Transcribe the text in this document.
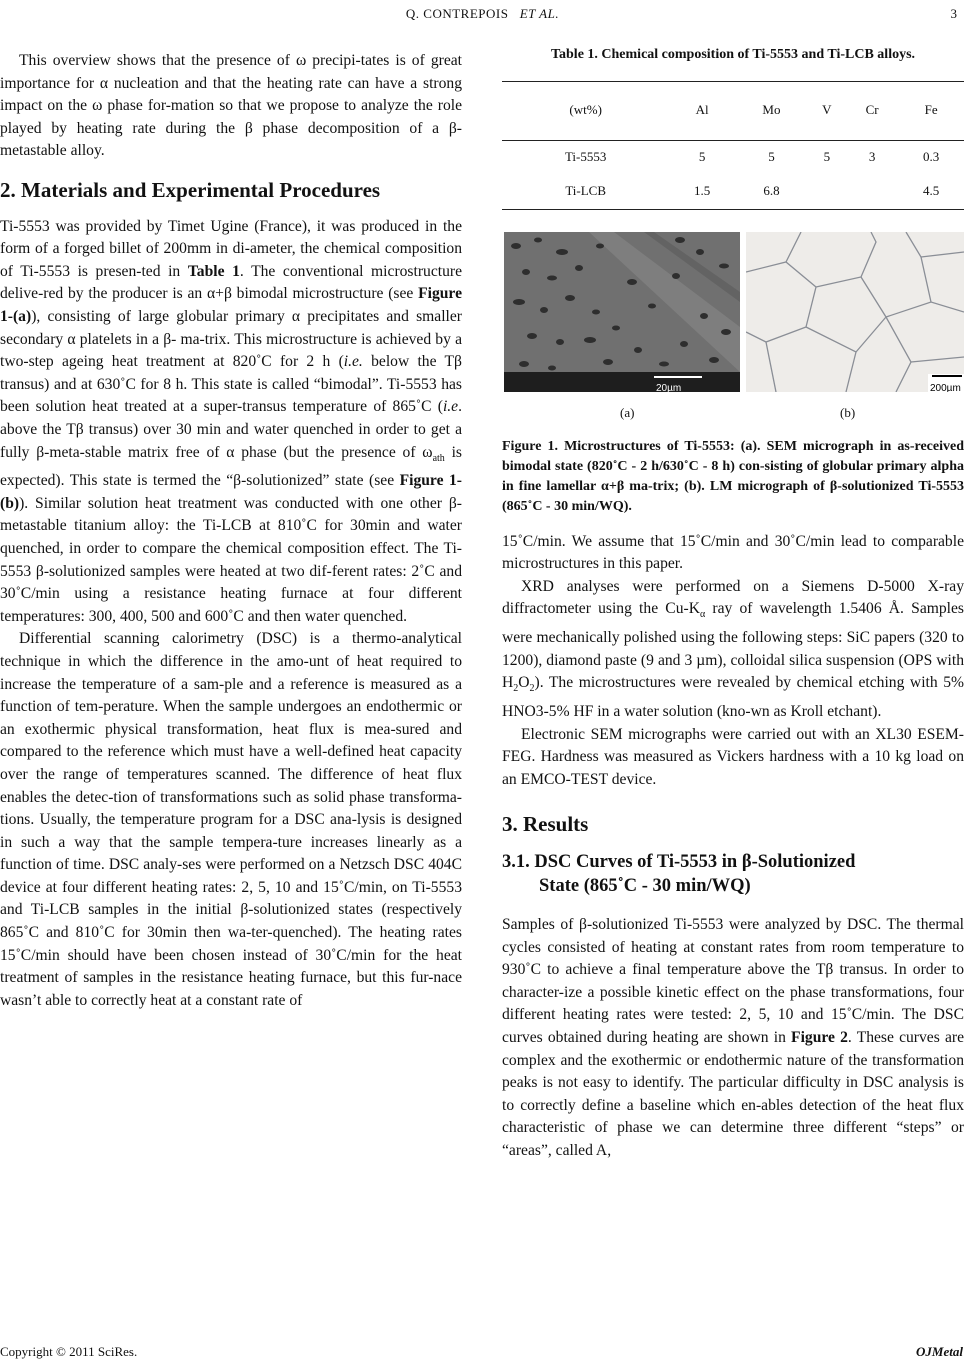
Q. CONTREPOIS ET AL.	3

This overview shows that the presence of ω precipi-tates is of great importance for α nucleation and that the heating rate can have a strong impact on the ω phase for-mation so that we propose to analyze the role played by heating rate during the β phase decomposition of a β-metastable alloy.

2. Materials and Experimental Procedures

Ti-5553 was provided by Timet Ugine (France), it was produced in the form of a forged billet of 200mm in di-ameter, the chemical composition of Ti-5553 is presen-ted in Table 1. The conventional microstructure delive-red by the producer is an α+β bimodal microstructure (see Figure 1-(a)), consisting of large globular primary α precipitates and smaller secondary α platelets in a β- ma-trix. This microstructure is achieved by a two-step ageing heat treatment at 820˚C for 2 h (i.e. below the Tβ transus) and at 630˚C for 8 h. This state is called “bimodal”. Ti-5553 has been solution heat treated at a super-transus temperature of 865˚C (i.e. above the Tβ transus) over 30 min and water quenched in order to get a fully β-meta-stable matrix free of α phase (but the presence of $\omega_{ath}$ is expected). This state is termed the “β-solutionized” state (see Figure 1-(b)). Similar solution heat treatment was conducted with one other β-metastable titanium alloy: the Ti-LCB at 810˚C for 30min and water quenched, in order to compare the chemical composition effect. The Ti-5553 β-solutionized samples were heated at two dif-ferent rates: 2˚C and 30˚C/min using a resistance heating furnace at four different temperatures: 300, 400, 500 and 600˚C and then water quenched.

Differential scanning calorimetry (DSC) is a thermo-analytical technique in which the difference in the amo-unt of heat required to increase the temperature of a sam-ple and a reference is measured as a function of tem-perature. When the sample undergoes an endothermic or an exothermic physical transformation, heat flux is mea-sured and compared to the reference which must have a well-defined heat capacity over the range of temperatures scanned. The difference of heat flux enables the detec-tion of transformations such as solid phase transforma-tions. Usually, the temperature program for a DSC ana-lysis is designed in such a way that the sample tempera-ture increases linearly as a function of time. DSC analy-ses were performed on a Netzsch DSC 404C device at four different heating rates: 2, 5, 10 and 15˚C/min, on Ti-5553 and Ti-LCB samples in the initial β-solutionized states (respectively 865˚C and 810˚C for 30min then wa-ter-quenched). The heating rates 15˚C/min should have been chosen instead of 30˚C/min for the heat treatment of samples in the resistance heating furnace, but this fur-nace wasn’t able to correctly heat at a constant rate of

Table 1. Chemical composition of Ti-5553 and Ti-LCB alloys.

(wt%)	Al	Mo	V	Cr	Fe
Ti-5553	5	5	5	3	0.3
Ti-LCB	1.5	6.8			4.5
20µm	200µm
(a)	(b)

Figure 1. Microstructures of Ti-5553: (a). SEM micrograph in as-received bimodal state (820˚C - 2 h/630˚C - 8 h) con-sisting of globular primary alpha in fine lamellar α+β ma-trix; (b). LM micrograph of β-solutionized Ti-5553 (865˚C - 30 min/WQ).

15˚C/min. We assume that 15˚C/min and 30˚C/min lead to comparable microstructures in this paper.

XRD analyses were performed on a Siemens D-5000 X-ray diffractometer using the $Cu-K_\alpha$ ray of wavelength 1.5406 Å. Samples were mechanically polished using the following steps: SiC papers (320 to 1200), diamond paste (9 and 3 µm), colloidal silica suspension (OPS with $H_2O_2$). The microstructures were revealed by chemical etching with 5% HNO3-5% HF in a water solution (kno-wn as Kroll etchant).

Electronic SEM micrographs were carried out with an XL30 ESEM-FEG. Hardness was measured as Vickers hardness with a 10 kg load on an EMCO-TEST device.

3. Results

3.1. DSC Curves of Ti-5553 in β-Solutionized
State (865˚C - 30 min/WQ)

Samples of β-solutionized Ti-5553 were analyzed by DSC. The thermal cycles consisted of heating at constant rates from room temperature to 930˚C to achieve a final temperature above the Tβ transus. In order to character-ize a possible kinetic effect on the phase transformations, four different heating rates were tested: 2, 5, 10 and 15˚C/min. The DSC curves obtained during heating are shown in Figure 2. These curves are complex and the exothermic or endothermic nature of the transformation peaks is not easy to identify. The particular difficulty in DSC analysis is to correctly define a baseline which en-ables detection of the heat flux characteristic of phase we can determine three different “steps” or “areas”, called A,

Copyright © 2011 SciRes.	OJMetal
